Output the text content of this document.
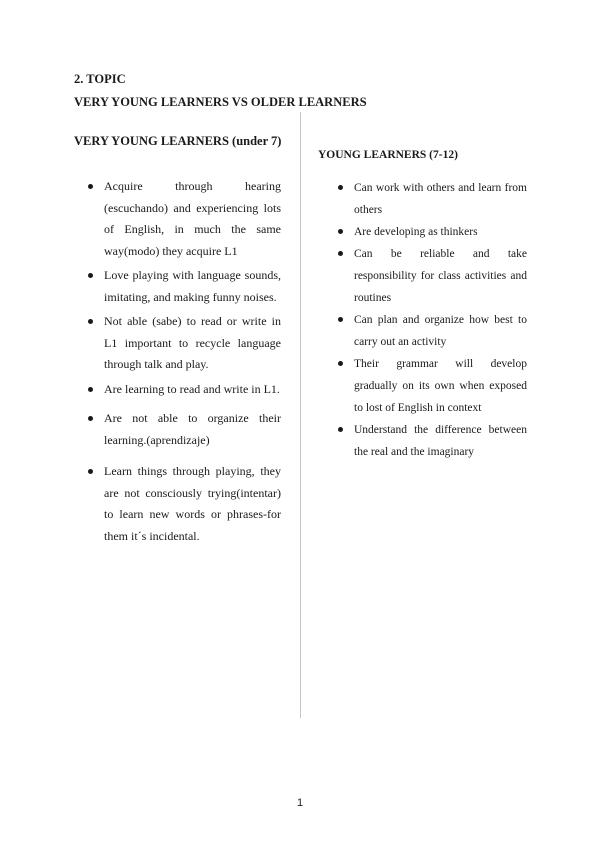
2. TOPIC
VERY YOUNG LEARNERS VS OLDER LEARNERS
VERY YOUNG LEARNERS (under 7)
YOUNG LEARNERS (7-12)
Acquire through hearing (escuchando) and experiencing lots of English, in much the same way(modo) they acquire L1
Love playing with language sounds, imitating, and making funny noises.
Not able (sabe) to read or write in L1 important to recycle language through talk and play.
Are learning to read and write in L1.
Are not able to organize their learning.(aprendizaje)
Learn things through playing, they are not consciously trying(intentar) to learn new words or phrases-for them it´s incidental.
Can work with others and learn from others
Are developing as thinkers
Can be reliable and take responsibility for class activities and routines
Can plan and organize how best to carry out an activity
Their grammar will develop gradually on its own when exposed to lost of English in context
Understand the difference between the real and the imaginary
1
